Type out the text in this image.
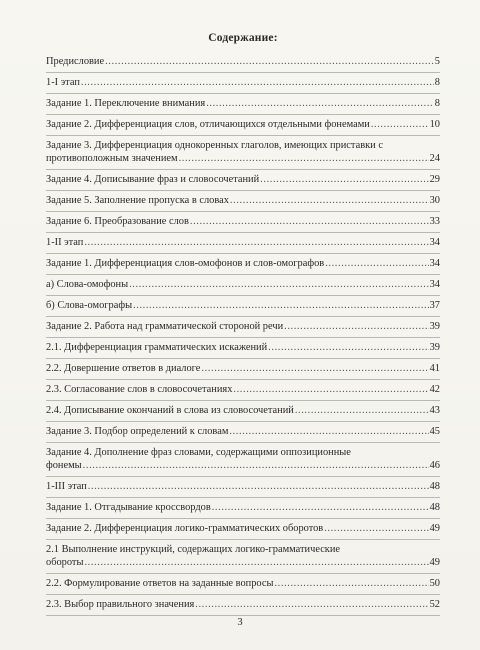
Содержание:
Предисловие .....	5
1-I этап .....	8
Задание 1. Переключение внимания .....	8
Задание 2. Дифференциация слов, отличающихся отдельными фонемами .....	10
Задание 3. Дифференциация однокоренных глаголов, имеющих приставки с
противоположным значением .....	24
Задание 4. Дописывание фраз и словосочетаний .....	29
Задание 5. Заполнение пропуска в словах .....	30
Задание 6. Преобразование слов .....	33
1-II этап .....	34
Задание 1. Дифференциация слов-омофонов и слов-омографов .....	34
а) Слова-омофоны .....	34
б) Слова-омографы .....	37
Задание 2. Работа над грамматической стороной речи .....	39
2.1. Дифференциация грамматических искажений .....	39
2.2. Довершение ответов в диалоге .....	41
2.3. Согласование слов в словосочетаниях .....	42
2.4. Дописывание окончаний в слова из словосочетаний .....	43
Задание 3. Подбор определений к словам .....	45
Задание 4. Дополнение фраз словами, содержащими оппозиционные
фонемы .....	46
1-III этап .....	48
Задание 1. Отгадывание кроссвордов .....	48
Задание 2. Дифференциация логико-грамматических оборотов .....	49
2.1 Выполнение инструкций, содержащих логико-грамматические
обороты .....	49
2.2. Формулирование ответов на заданные вопросы .....	50
2.3. Выбор правильного значения .....	52
3
